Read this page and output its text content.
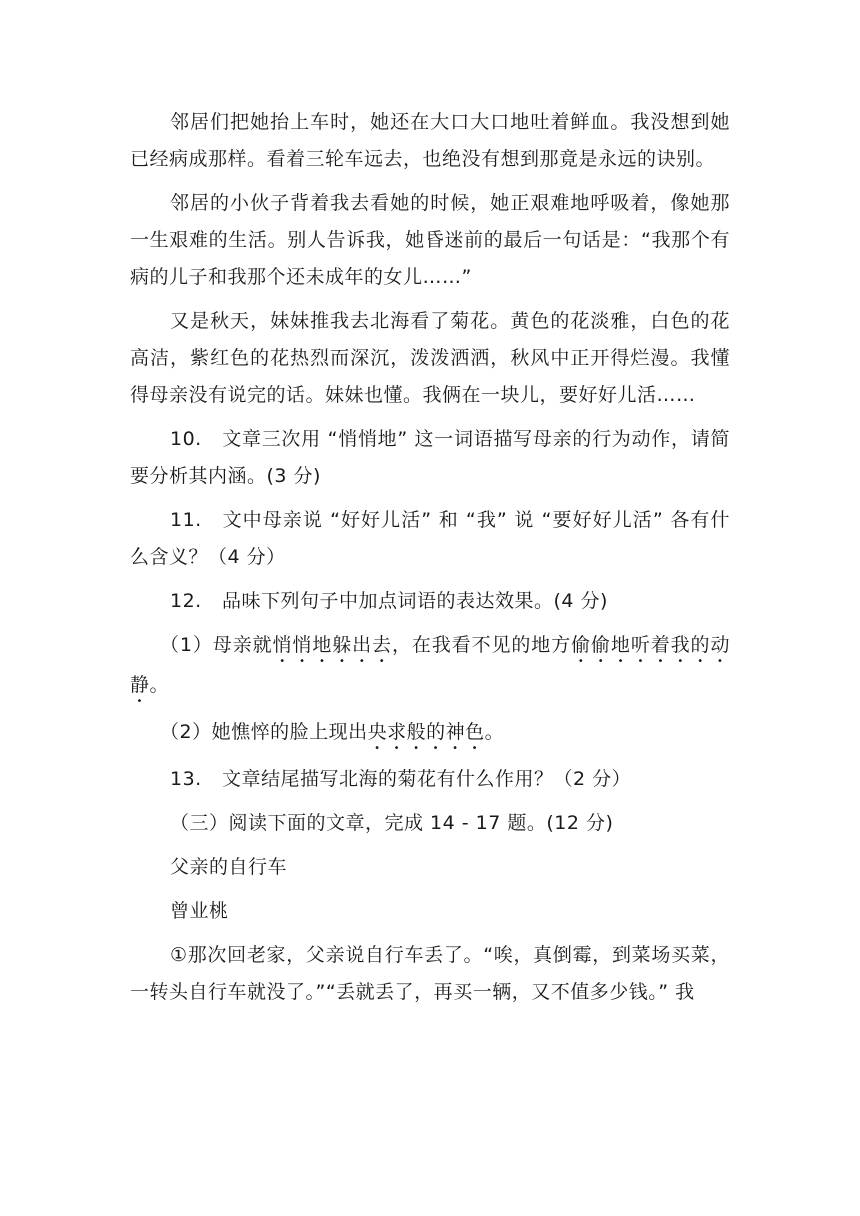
邻居们把她抬上车时，她还在大口大口地吐着鲜血。我没想到她已经病成那样。看着三轮车远去，也绝没有想到那竟是永远的诀别。

邻居的小伙子背着我去看她的时候，她正艰难地呼吸着，像她那一生艰难的生活。别人告诉我，她昏迷前的最后一句话是：“我那个有病的儿子和我那个还未成年的女儿……”

又是秋天，妹妹推我去北海看了菊花。黄色的花淡雅，白色的花高洁，紫红色的花热烈而深沉，泼泼洒洒，秋风中正开得烂漫。我懂得母亲没有说完的话。妹妹也懂。我俩在一块儿，要好好儿活……

10. 文章三次用 “悄悄地” 这一词语描写母亲的行为动作，请简要分析其内涵。(3 分)

11. 文中母亲说 “好好儿活” 和 “我” 说 “要好好儿活” 各有什么含义？（4 分）

12. 品味下列句子中加点词语的表达效果。(4 分)

（1）母亲就悄悄地躲出去，在我看不见的地方偷偷地听着我的动静。

（2）她憔悴的脸上现出央求般的神色。

13. 文章结尾描写北海的菊花有什么作用？（2 分）

（三）阅读下面的文章，完成 14 - 17 题。(12 分)

父亲的自行车

曾业桃

①那次回老家，父亲说自行车丢了。“唉，真倒霉，到菜场买菜，一转头自行车就没了。”“丢就丢了，再买一辆，又不值多少钱。” 我
